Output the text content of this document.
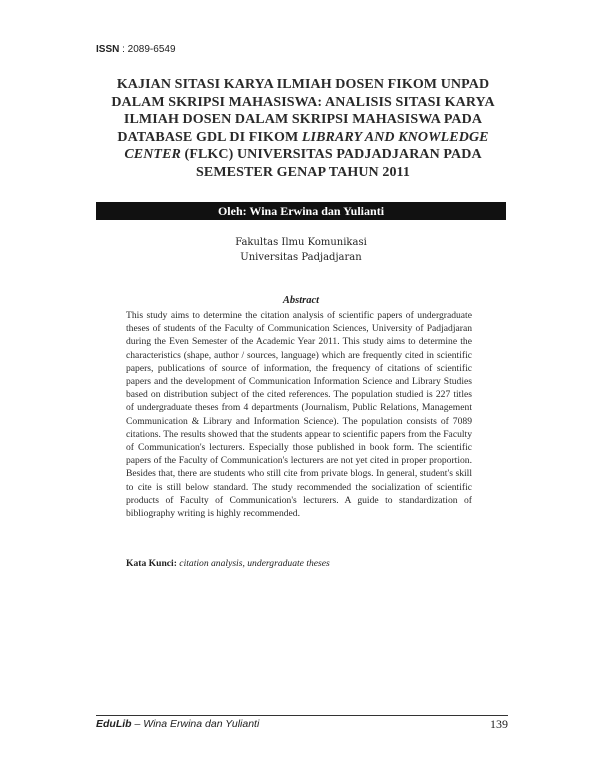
ISSN : 2089-6549
KAJIAN SITASI KARYA ILMIAH DOSEN FIKOM UNPAD DALAM SKRIPSI MAHASISWA: ANALISIS SITASI KARYA ILMIAH DOSEN DALAM SKRIPSI MAHASISWA PADA DATABASE GDL DI FIKOM LIBRARY AND KNOWLEDGE CENTER (FLKC) UNIVERSITAS PADJADJARAN PADA SEMESTER GENAP TAHUN 2011
Oleh: Wina Erwina dan Yulianti
Fakultas Ilmu Komunikasi
Universitas Padjadjaran
Abstract

This study aims to determine the citation analysis of scientific papers of undergraduate theses of students of the Faculty of Communication Sciences, University of Padjadjaran during the Even Semester of the Academic Year 2011. This study aims to determine the characteristics (shape, author / sources, language) which are frequently cited in scientific papers, publications of source of information, the frequency of citations of scientific papers and the development of Communication Information Science and Library Studies based on distribution subject of the cited references. The population studied is 227 titles of undergraduate theses from 4 departments (Journalism, Public Relations, Management Communication & Library and Information Science). The population consists of 7089 citations. The results showed that the students appear to scientific papers from the Faculty of Communication's lecturers. Especially those published in book form. The scientific papers of the Faculty of Communication's lecturers are not yet cited in proper proportion. Besides that, there are students who still cite from private blogs. In general, student's skill to cite is still below standard. The study recommended the socialization of scientific products of Faculty of Communication's lecturers. A guide to standardization of bibliography writing is highly recommended.

Kata Kunci: citation analysis, undergraduate theses
EduLib – Wina Erwina dan Yulianti	139
